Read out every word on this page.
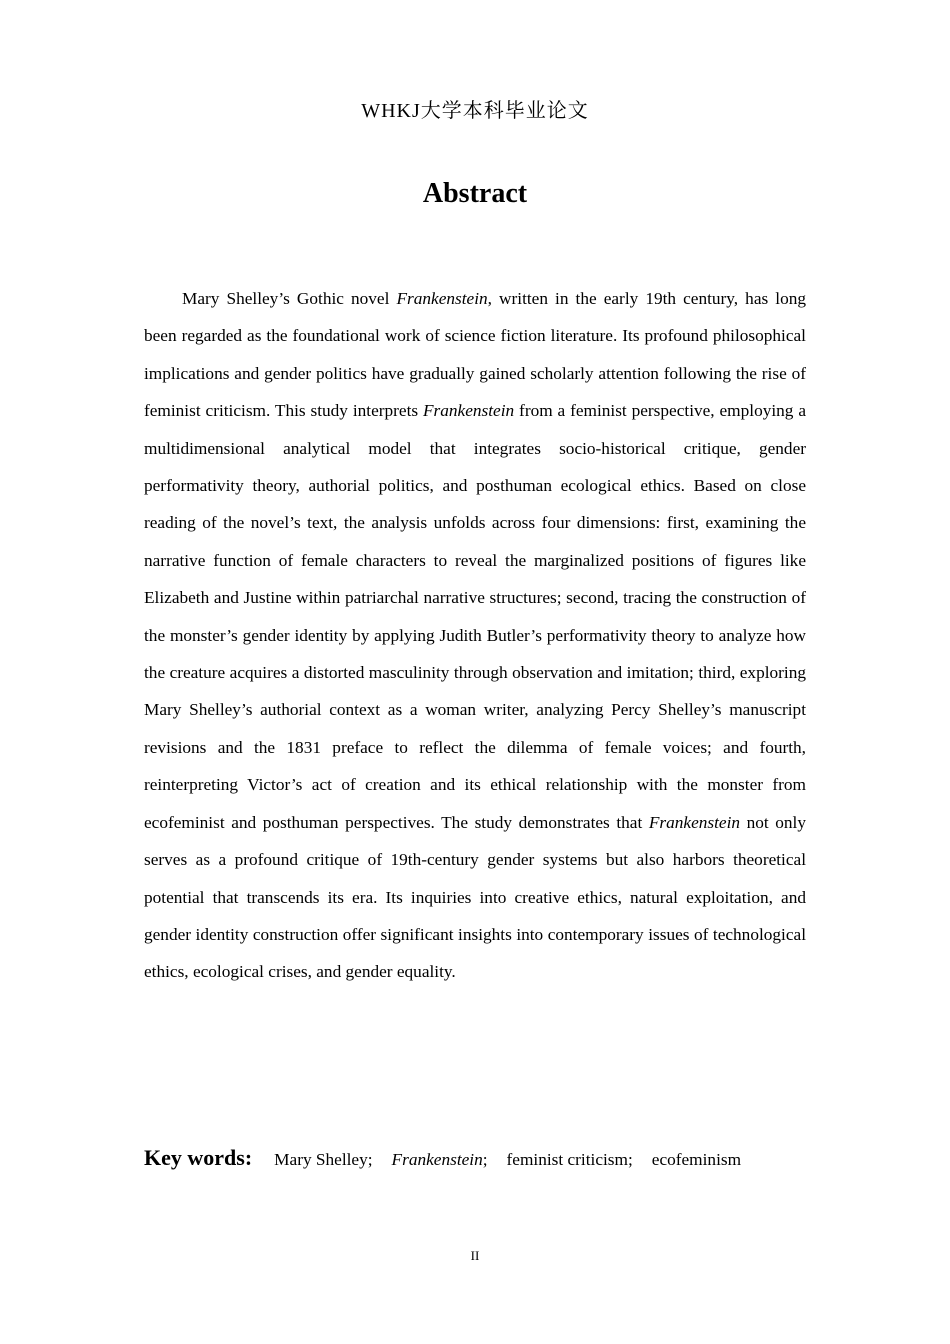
WHKJ大学本科毕业论文
Abstract

Mary Shelley’s Gothic novel Frankenstein, written in the early 19th century, has long been regarded as the foundational work of science fiction literature. Its profound philosophical implications and gender politics have gradually gained scholarly attention following the rise of feminist criticism. This study interprets Frankenstein from a feminist perspective, employing a multidimensional analytical model that integrates socio-historical critique, gender performativity theory, authorial politics, and posthuman ecological ethics. Based on close reading of the novel’s text, the analysis unfolds across four dimensions: first, examining the narrative function of female characters to reveal the marginalized positions of figures like Elizabeth and Justine within patriarchal narrative structures; second, tracing the construction of the monster’s gender identity by applying Judith Butler’s performativity theory to analyze how the creature acquires a distorted masculinity through observation and imitation; third, exploring Mary Shelley’s authorial context as a woman writer, analyzing Percy Shelley’s manuscript revisions and the 1831 preface to reflect the dilemma of female voices; and fourth, reinterpreting Victor’s act of creation and its ethical relationship with the monster from ecofeminist and posthuman perspectives. The study demonstrates that Frankenstein not only serves as a profound critique of 19th-century gender systems but also harbors theoretical potential that transcends its era. Its inquiries into creative ethics, natural exploitation, and gender identity construction offer significant insights into contemporary issues of technological ethics, ecological crises, and gender equality.

Key words: Mary Shelley; Frankenstein; feminist criticism; ecofeminism
II
